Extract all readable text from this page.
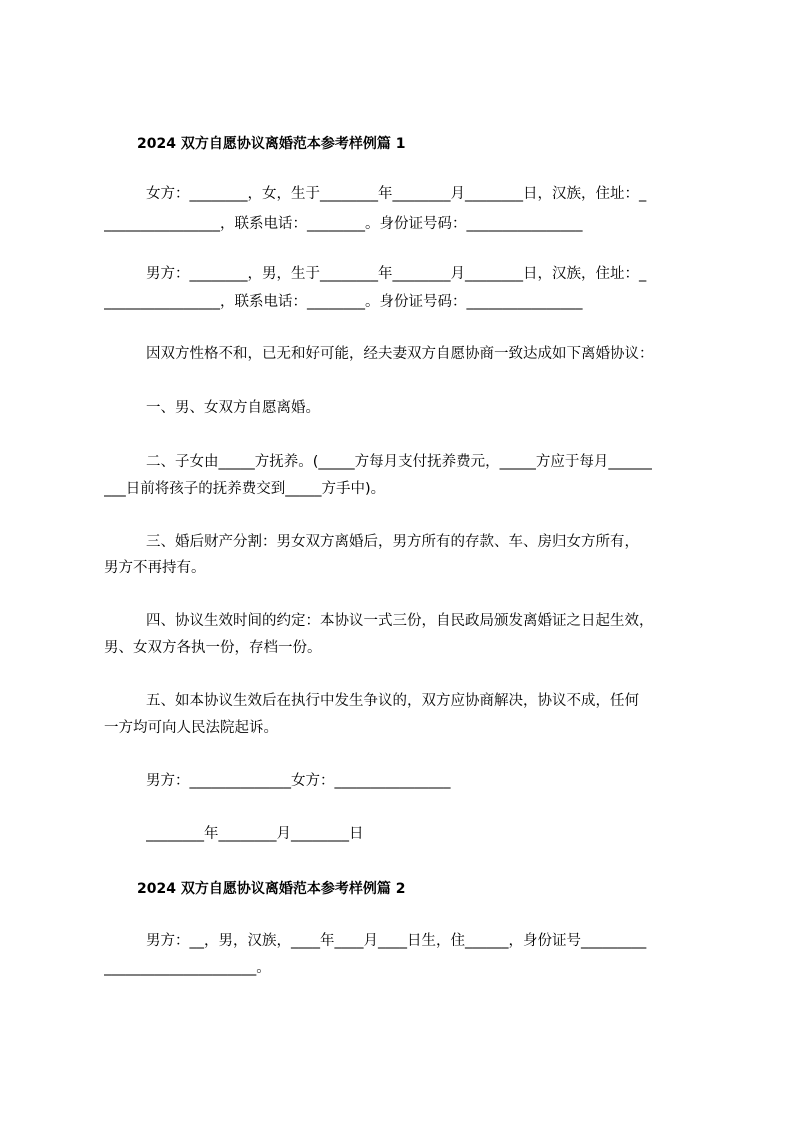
2024 双方自愿协议离婚范本参考样例篇 1
女方：________，女，生于________年________月________日，汉族，住址：_
________________，联系电话：________。身份证号码：________________
男方：________，男，生于________年________月________日，汉族，住址：_
________________，联系电话：________。身份证号码：________________
因双方性格不和，已无和好可能，经夫妻双方自愿协商一致达成如下离婚协议：
一、男、女双方自愿离婚。
二、子女由_____方抚养。(_____方每月支付抚养费元，_____方应于每月______
___日前将孩子的抚养费交到_____方手中)。
三、婚后财产分割：男女双方离婚后，男方所有的存款、车、房归女方所有，
男方不再持有。
四、协议生效时间的约定：本协议一式三份，自民政局颁发离婚证之日起生效，
男、女双方各执一份，存档一份。
五、如本协议生效后在执行中发生争议的，双方应协商解决，协议不成，任何
一方均可向人民法院起诉。
男方：______________女方：________________
________年________月________日
2024 双方自愿协议离婚范本参考样例篇 2
男方：__，男，汉族，____年____月____日生，住______，身份证号_________
_____________________。
